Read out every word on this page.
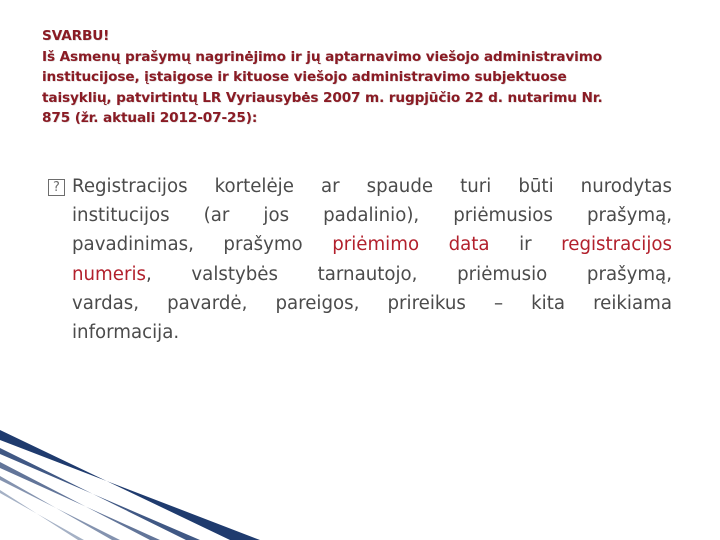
SVARBU!
Iš Asmenų prašymų nagrinėjimo ir jų aptarnavimo viešojo administravimo
institucijose, įstaigose ir kituose viešojo administravimo subjektuose
taisyklių, patvirtintų LR Vyriausybės 2007 m. rugpjūčio 22 d. nutarimu Nr.
875 (žr. aktuali 2012-07-25):
? Registracijos kortelėje ar spaude turi būti nurodytas
institucijos (ar jos padalinio), priėmusios prašymą,
pavadinimas, prašymo priėmimo data ir registracijos
numeris, valstybės tarnautojo, priėmusio prašymą,
vardas, pavardė, pareigos, prireikus – kita reikiama
informacija.
